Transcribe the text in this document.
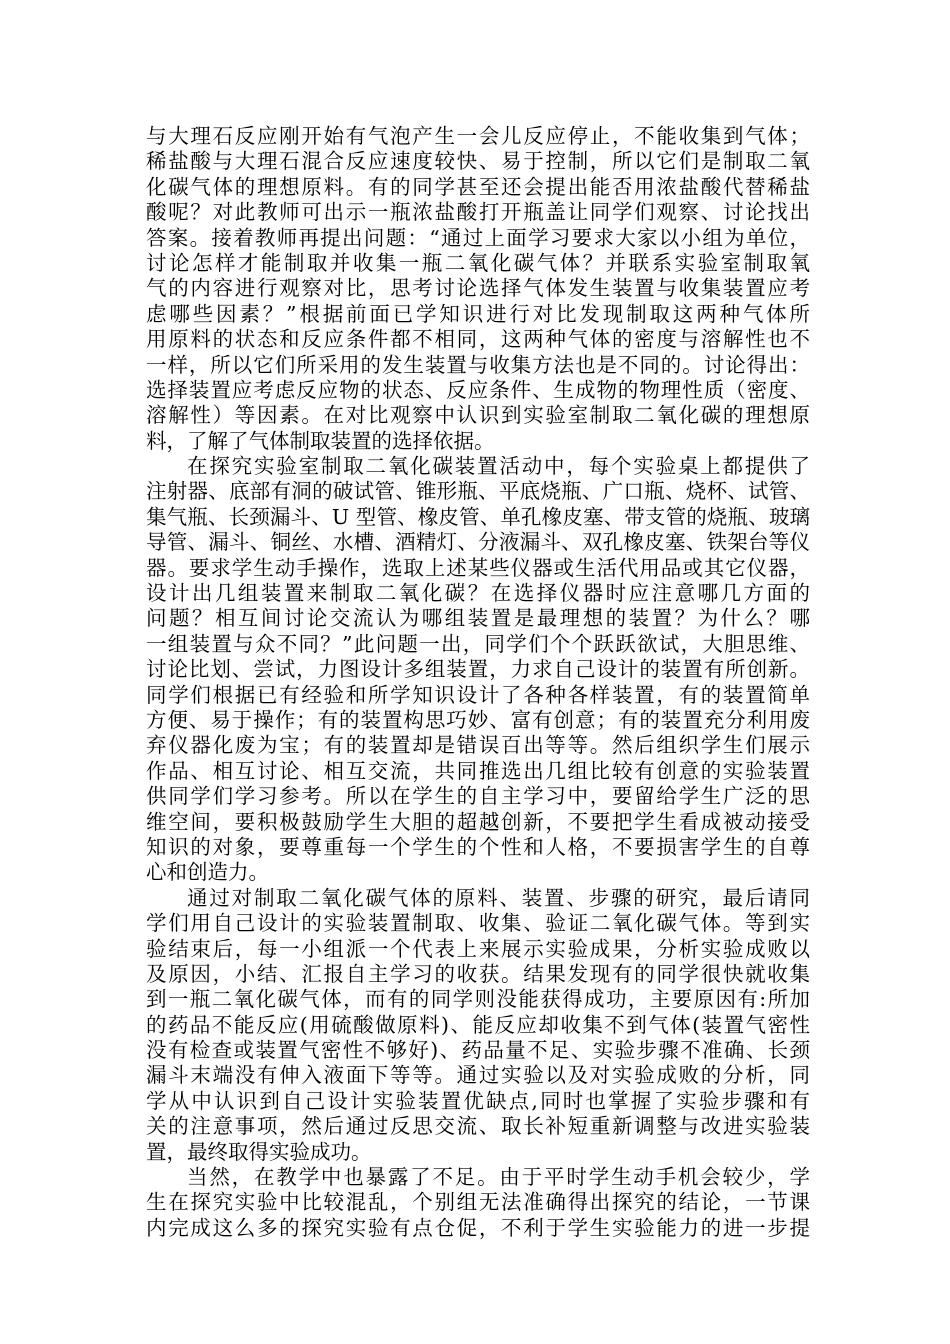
与大理石反应刚开始有气泡产生一会儿反应停止，不能收集到气体；
稀盐酸与大理石混合反应速度较快、易于控制，所以它们是制取二氧
化碳气体的理想原料。有的同学甚至还会提出能否用浓盐酸代替稀盐
酸呢？对此教师可出示一瓶浓盐酸打开瓶盖让同学们观察、讨论找出
答案。接着教师再提出问题：“通过上面学习要求大家以小组为单位，
讨论怎样才能制取并收集一瓶二氧化碳气体？并联系实验室制取氧
气的内容进行观察对比，思考讨论选择气体发生装置与收集装置应考
虑哪些因素？”根据前面已学知识进行对比发现制取这两种气体所
用原料的状态和反应条件都不相同，这两种气体的密度与溶解性也不
一样，所以它们所采用的发生装置与收集方法也是不同的。讨论得出：
选择装置应考虑反应物的状态、反应条件、生成物的物理性质（密度、
溶解性）等因素。在对比观察中认识到实验室制取二氧化碳的理想原
料，了解了气体制取装置的选择依据。
在探究实验室制取二氧化碳装置活动中，每个实验桌上都提供了
注射器、底部有洞的破试管、锥形瓶、平底烧瓶、广口瓶、烧杯、试管、
集气瓶、长颈漏斗、U 型管、橡皮管、单孔橡皮塞、带支管的烧瓶、玻璃
导管、漏斗、铜丝、水槽、酒精灯、分液漏斗、双孔橡皮塞、铁架台等仪
器。要求学生动手操作，选取上述某些仪器或生活代用品或其它仪器，
设计出几组装置来制取二氧化碳？在选择仪器时应注意哪几方面的
问题？相互间讨论交流认为哪组装置是最理想的装置？为什么？哪
一组装置与众不同？”此问题一出，同学们个个跃跃欲试，大胆思维、
讨论比划、尝试，力图设计多组装置，力求自己设计的装置有所创新。
同学们根据已有经验和所学知识设计了各种各样装置，有的装置简单
方便、易于操作；有的装置构思巧妙、富有创意；有的装置充分利用废
弃仪器化废为宝；有的装置却是错误百出等等。然后组织学生们展示
作品、相互讨论、相互交流，共同推选出几组比较有创意的实验装置
供同学们学习参考。所以在学生的自主学习中，要留给学生广泛的思
维空间，要积极鼓励学生大胆的超越创新，不要把学生看成被动接受
知识的对象，要尊重每一个学生的个性和人格，不要损害学生的自尊
心和创造力。
通过对制取二氧化碳气体的原料、装置、步骤的研究，最后请同
学们用自己设计的实验装置制取、收集、验证二氧化碳气体。等到实
验结束后，每一小组派一个代表上来展示实验成果，分析实验成败以
及原因，小结、汇报自主学习的收获。结果发现有的同学很快就收集
到一瓶二氧化碳气体，而有的同学则没能获得成功，主要原因有:所加
的药品不能反应(用硫酸做原料)、能反应却收集不到气体(装置气密性
没有检查或装置气密性不够好)、药品量不足、实验步骤不准确、长颈
漏斗末端没有伸入液面下等等。通过实验以及对实验成败的分析，同
学从中认识到自己设计实验装置优缺点,同时也掌握了实验步骤和有
关的注意事项，然后通过反思交流、取长补短重新调整与改进实验装
置，最终取得实验成功。
当然，在教学中也暴露了不足。由于平时学生动手机会较少，学
生在探究实验中比较混乱，个别组无法准确得出探究的结论，一节课
内完成这么多的探究实验有点仓促，不利于学生实验能力的进一步提
